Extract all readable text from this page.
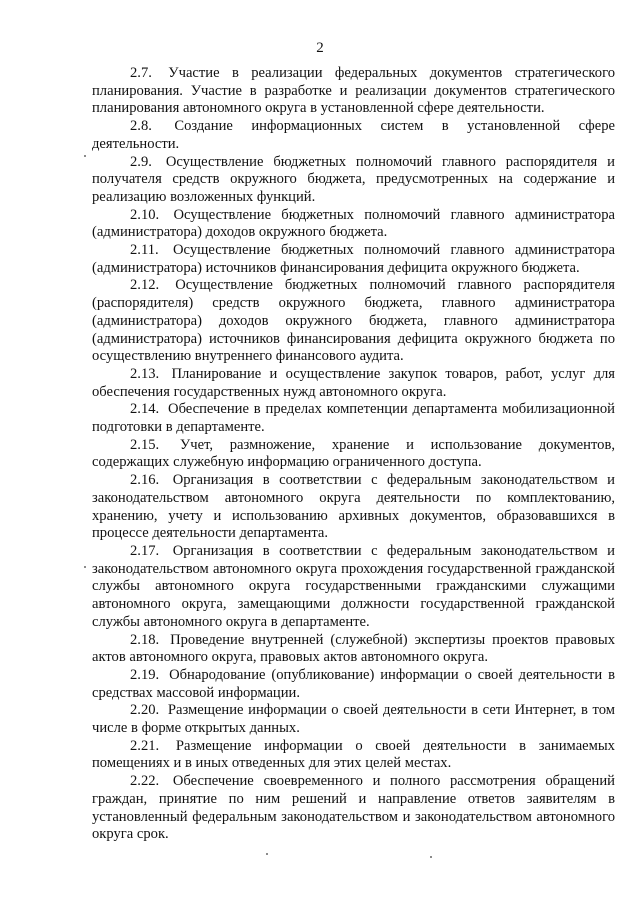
2

2.7. Участие в реализации федеральных документов стратегического планирования. Участие в разработке и реализации документов стратегического планирования автономного округа в установленной сфере деятельности.

2.8. Создание информационных систем в установленной сфере деятельности.

2.9. Осуществление бюджетных полномочий главного распорядителя и получателя средств окружного бюджета, предусмотренных на содержание и реализацию возложенных функций.

2.10. Осуществление бюджетных полномочий главного администратора (администратора) доходов окружного бюджета.

2.11. Осуществление бюджетных полномочий главного администратора (администратора) источников финансирования дефицита окружного бюджета.

2.12. Осуществление бюджетных полномочий главного распорядителя (распорядителя) средств окружного бюджета, главного администратора (администратора) доходов окружного бюджета, главного администратора (администратора) источников финансирования дефицита окружного бюджета по осуществлению внутреннего финансового аудита.

2.13. Планирование и осуществление закупок товаров, работ, услуг для обеспечения государственных нужд автономного округа.

2.14. Обеспечение в пределах компетенции департамента мобилизационной подготовки в департаменте.

2.15. Учет, размножение, хранение и использование документов, содержащих служебную информацию ограниченного доступа.

2.16. Организация в соответствии с федеральным законодательством и законодательством автономного округа деятельности по комплектованию, хранению, учету и использованию архивных документов, образовавшихся в процессе деятельности департамента.

2.17. Организация в соответствии с федеральным законодательством и законодательством автономного округа прохождения государственной гражданской службы автономного округа государственными гражданскими служащими автономного округа, замещающими должности государственной гражданской службы автономного округа в департаменте.

2.18. Проведение внутренней (служебной) экспертизы проектов правовых актов автономного округа, правовых актов автономного округа.

2.19. Обнародование (опубликование) информации о своей деятельности в средствах массовой информации.

2.20. Размещение информации о своей деятельности в сети Интернет, в том числе в форме открытых данных.

2.21. Размещение информации о своей деятельности в занимаемых помещениях и в иных отведенных для этих целей местах.

2.22. Обеспечение своевременного и полного рассмотрения обращений граждан, принятие по ним решений и направление ответов заявителям в установленный федеральным законодательством и законодательством автономного округа срок.
